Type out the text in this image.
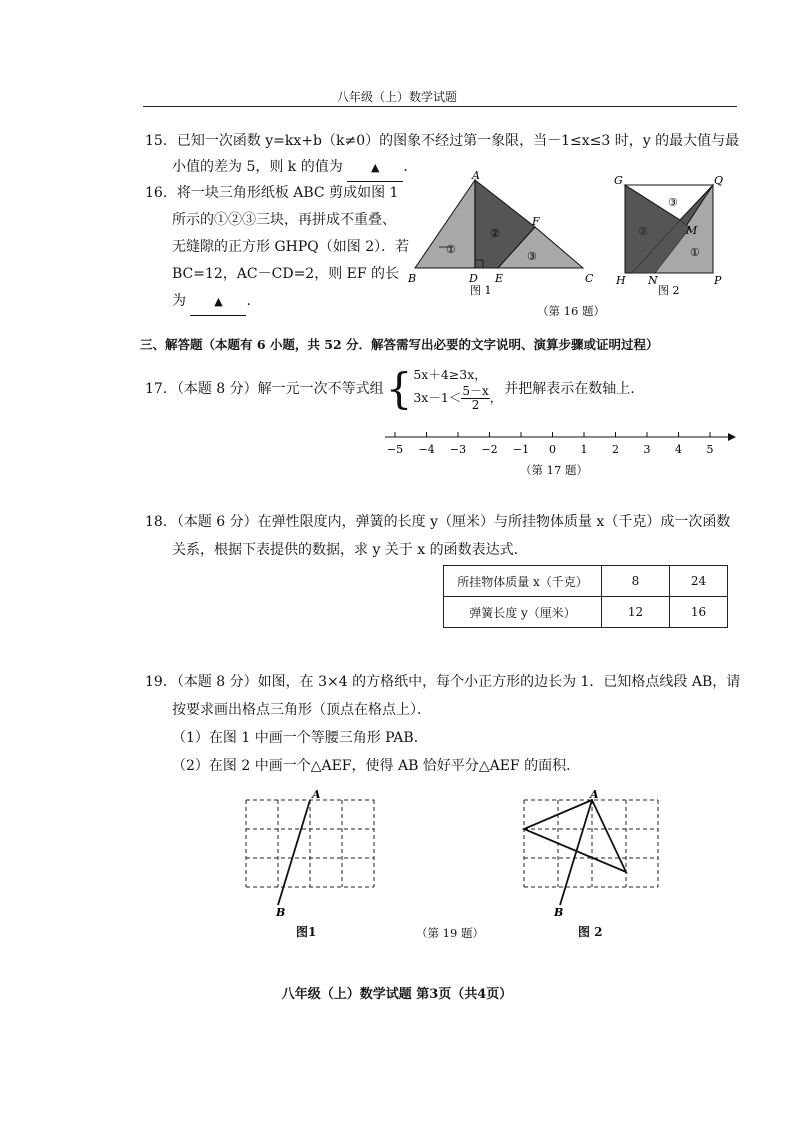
八年级（上）数学试题
15．已知一次函数 y=kx+b（k≠0）的图象不经过第一象限，当－1≤x≤3 时，y 的最大值与最
小值的差为 5，则 k 的值为	▲ .
16．将一块三角形纸板 ABC 剪成如图 1
所示的①②③三块，再拼成不重叠、
无缝隙的正方形 GHPQ（如图 2）．若
BC=12，AC－CD=2，则 EF 的长
为	▲ .
A
B	C
D E
F
①
②
③
图 1
G	Q
H N	P
M
③
②
①
图 2
（第 16 题）
三、解答题（本题有 6 小题，共 52 分．解答需写出必要的文字说明、演算步骤或证明过程）
17．（本题 8 分）解一元一次不等式组 { 5x＋4≥3x，
$3x-1< \frac{5-x}{2}$ ，
并把解表示在数轴上.
−5 −4 −3 −2 −1 0 1 2 3 4 5
（第 17 题）
18．（本题 6 分）在弹性限度内，弹簧的长度 y（厘米）与所挂物体质量 x（千克）成一次函数
关系，根据下表提供的数据，求 y 关于 x 的函数表达式.
所挂物体质量 x（千克）	8	24
弹簧长度 y（厘米）	12	16
19．（本题 8 分）如图，在 3×4 的方格纸中，每个小正方形的边长为 1．已知格点线段 AB，请
按要求画出格点三角形（顶点在格点上）．
（1）在图 1 中画一个等腰三角形 PAB．
（2）在图 2 中画一个△AEF，使得 AB 恰好平分△AEF 的面积．
A
B
图1
A
B
图 2
（第 19 题）
八年级（上）数学试题 第3页（共4页）
